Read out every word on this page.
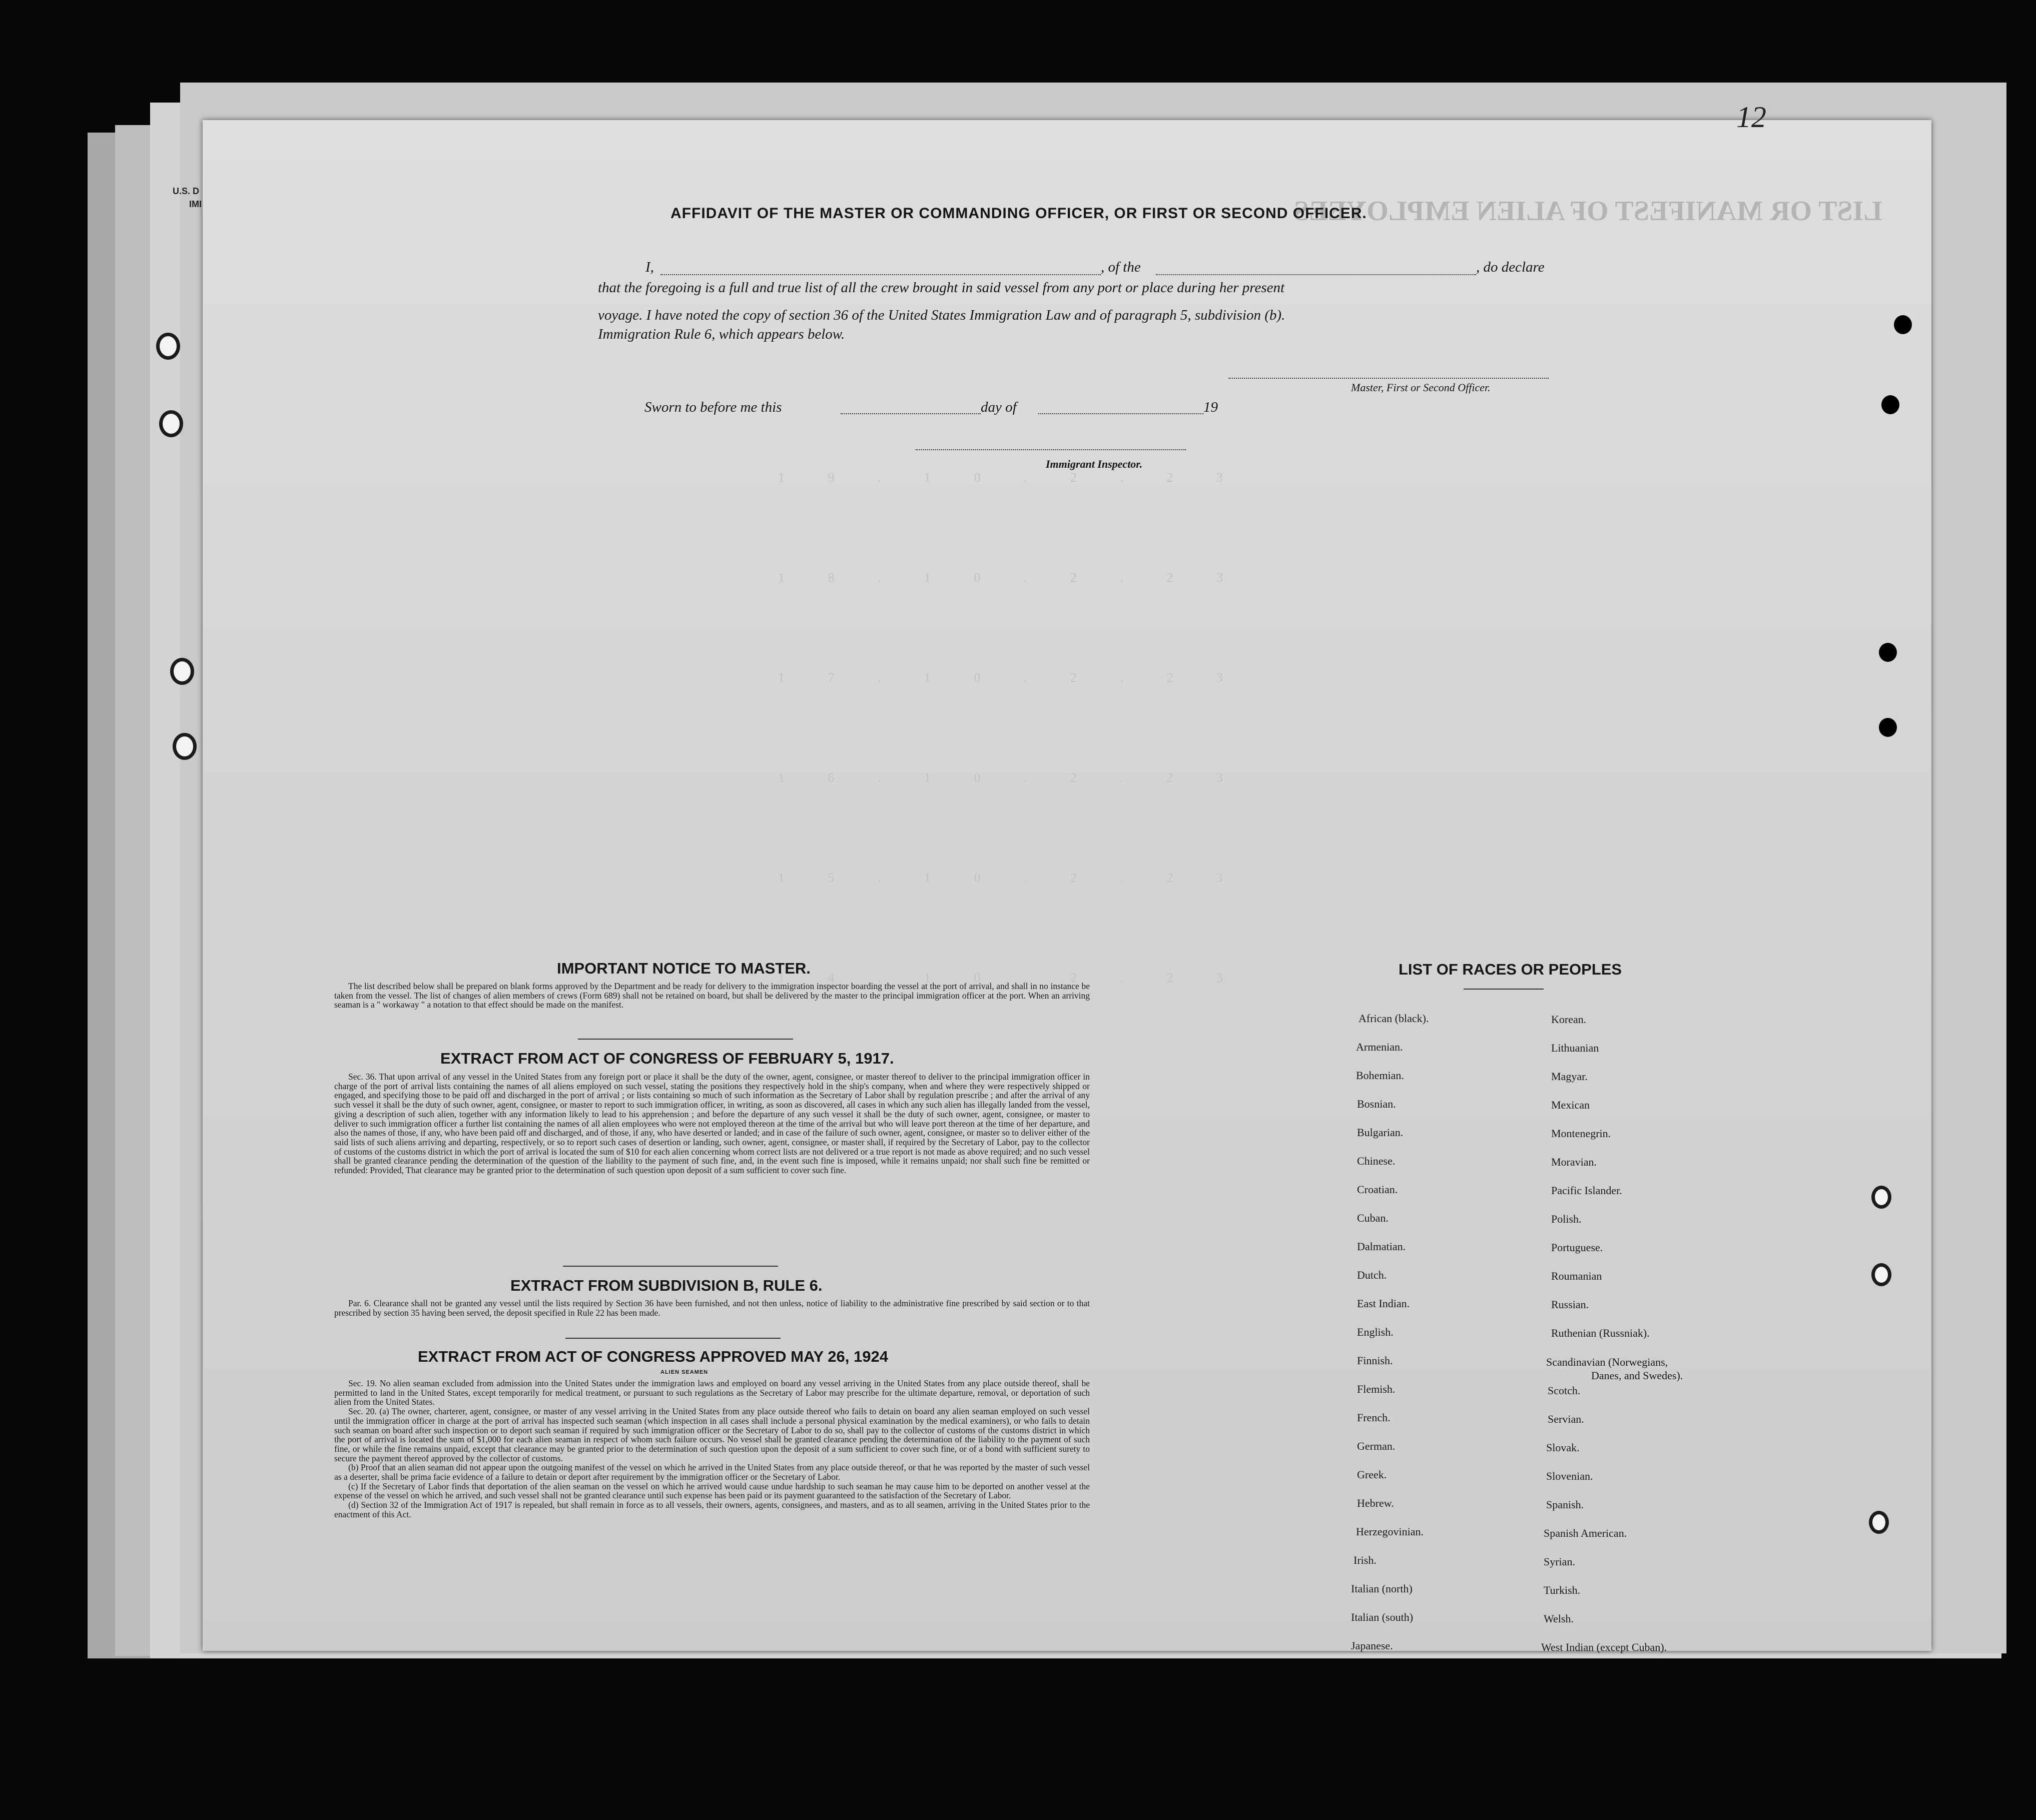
U.S. D
IMI	LIST OR MANIFEST OF ALIEN EMPLOYEES
1 9 . 1 0 . 2 . 2 3
1 8 . 1 0 . 2 . 2 3
1 7 . 1 0 . 2 . 2 3
1 6 . 1 0 . 2 . 2 3
1 5 . 1 0 . 2 . 2 3
1 4 . 1 0 . 2 . 2 3
12
AFFIDAVIT OF THE MASTER OR COMMANDING OFFICER, OR FIRST OR SECOND OFFICER.
I,	, of the	, do declare
that the foregoing is a full and true list of all the crew brought in said vessel from any port or place during her present
voyage. I have noted the copy of section 36 of the United States Immigration Law and of paragraph 5, subdivision (b).
Immigration Rule 6, which appears below.
Master, First or Second Officer.
Sworn to before me this	day of	19
Immigrant Inspector.
IMPORTANT NOTICE TO MASTER.

The list described below shall be prepared on blank forms approved by the Department and be ready for delivery to the immigration inspector boarding the vessel at the port of arrival, and shall in no instance be taken from the vessel. The list of changes of alien members of crews (Form 689) shall not be retained on board, but shall be delivered by the master to the principal immigration officer at the port. When an arriving seaman is a " workaway " a notation to that effect should be made on the manifest.

EXTRACT FROM ACT OF CONGRESS OF FEBRUARY 5, 1917.

Sec. 36. That upon arrival of any vessel in the United States from any foreign port or place it shall be the duty of the owner, agent, consignee, or master thereof to deliver to the principal immigration officer in charge of the port of arrival lists containing the names of all aliens employed on such vessel, stating the positions they respectively hold in the ship's company, when and where they were respectively shipped or engaged, and specifying those to be paid off and discharged in the port of arrival ; or lists containing so much of such information as the Secretary of Labor shall by regulation prescribe ; and after the arrival of any such vessel it shall be the duty of such owner, agent, consignee, or master to report to such immigration officer, in writing, as soon as discovered, all cases in which any such alien has illegally landed from the vessel, giving a description of such alien, together with any information likely to lead to his apprehension ; and before the departure of any such vessel it shall be the duty of such owner, agent, consignee, or master to deliver to such immigration officer a further list containing the names of all alien employees who were not employed thereon at the time of the arrival but who will leave port thereon at the time of her departure, and also the names of those, if any, who have been paid off and discharged, and of those, if any, who have deserted or landed; and in case of the failure of such owner, agent, consignee, or master so to deliver either of the said lists of such aliens arriving and departing, respectively, or so to report such cases of desertion or landing, such owner, agent, consignee, or master shall, if required by the Secretary of Labor, pay to the collector of customs of the customs district in which the port of arrival is located the sum of $10 for each alien concerning whom correct lists are not delivered or a true report is not made as above required; and no such vessel shall be granted clearance pending the determination of the question of the liability to the payment of such fine, and, in the event such fine is imposed, while it remains unpaid; nor shall such fine be remitted or refunded: Provided, That clearance may be granted prior to the determination of such question upon deposit of a sum sufficient to cover such fine.

EXTRACT FROM SUBDIVISION B, RULE 6.

Par. 6. Clearance shall not be granted any vessel until the lists required by Section 36 have been furnished, and not then unless, notice of liability to the administrative fine prescribed by said section or to that prescribed by section 35 having been served, the deposit specified in Rule 22 has been made.

EXTRACT FROM ACT OF CONGRESS APPROVED MAY 26, 1924
ALIEN SEAMEN

Sec. 19. No alien seaman excluded from admission into the United States under the immigration laws and employed on board any vessel arriving in the United States from any place outside thereof, shall be permitted to land in the United States, except temporarily for medical treatment, or pursuant to such regulations as the Secretary of Labor may prescribe for the ultimate departure, removal, or deportation of such alien from the United States.

Sec. 20. (a) The owner, charterer, agent, consignee, or master of any vessel arriving in the United States from any place outside thereof who fails to detain on board any alien seaman employed on such vessel until the immigration officer in charge at the port of arrival has inspected such seaman (which inspection in all cases shall include a personal physical examination by the medical examiners), or who fails to detain such seaman on board after such inspection or to deport such seaman if required by such immigration officer or the Secretary of Labor to do so, shall pay to the collector of customs of the customs district in which the port of arrival is located the sum of $1,000 for each alien seaman in respect of whom such failure occurs. No vessel shall be granted clearance pending the determination of the liability to the payment of such fine, or while the fine remains unpaid, except that clearance may be granted prior to the determination of such question upon the deposit of a sum sufficient to cover such fine, or of a bond with sufficient surety to secure the payment thereof approved by the collector of customs.

(b) Proof that an alien seaman did not appear upon the outgoing manifest of the vessel on which he arrived in the United States from any place outside thereof, or that he was reported by the master of such vessel as a deserter, shall be prima facie evidence of a failure to detain or deport after requirement by the immigration officer or the Secretary of Labor.

(c) If the Secretary of Labor finds that deportation of the alien seaman on the vessel on which he arrived would cause undue hardship to such seaman he may cause him to be deported on another vessel at the expense of the vessel on which he arrived, and such vessel shall not be granted clearance until such expense has been paid or its payment guaranteed to the satisfaction of the Secretary of Labor.

(d) Section 32 of the Immigration Act of 1917 is repealed, but shall remain in force as to all vessels, their owners, agents, consignees, and masters, and as to all seamen, arriving in the United States prior to the enactment of this Act.

LIST OF RACES OR PEOPLES
African (black).
Armenian.
Bohemian.
Bosnian.
Bulgarian.
Chinese.
Croatian.
Cuban.
Dalmatian.
Dutch.
East Indian.
English.
Finnish.
Flemish.
French.
German.
Greek.
Hebrew.
Herzegovinian.
Irish.
Italian (north)
Italian (south)
Japanese.
Korean.
Lithuanian
Magyar.
Mexican
Montenegrin.
Moravian.
Pacific Islander.
Polish.
Portuguese.
Roumanian
Russian.
Ruthenian (Russniak).
Scandinavian (Norwegians,
Danes, and Swedes).
Scotch.
Servian.
Slovak.
Slovenian.
Spanish.
Spanish American.
Syrian.
Turkish.
Welsh.
West Indian (except Cuban).
